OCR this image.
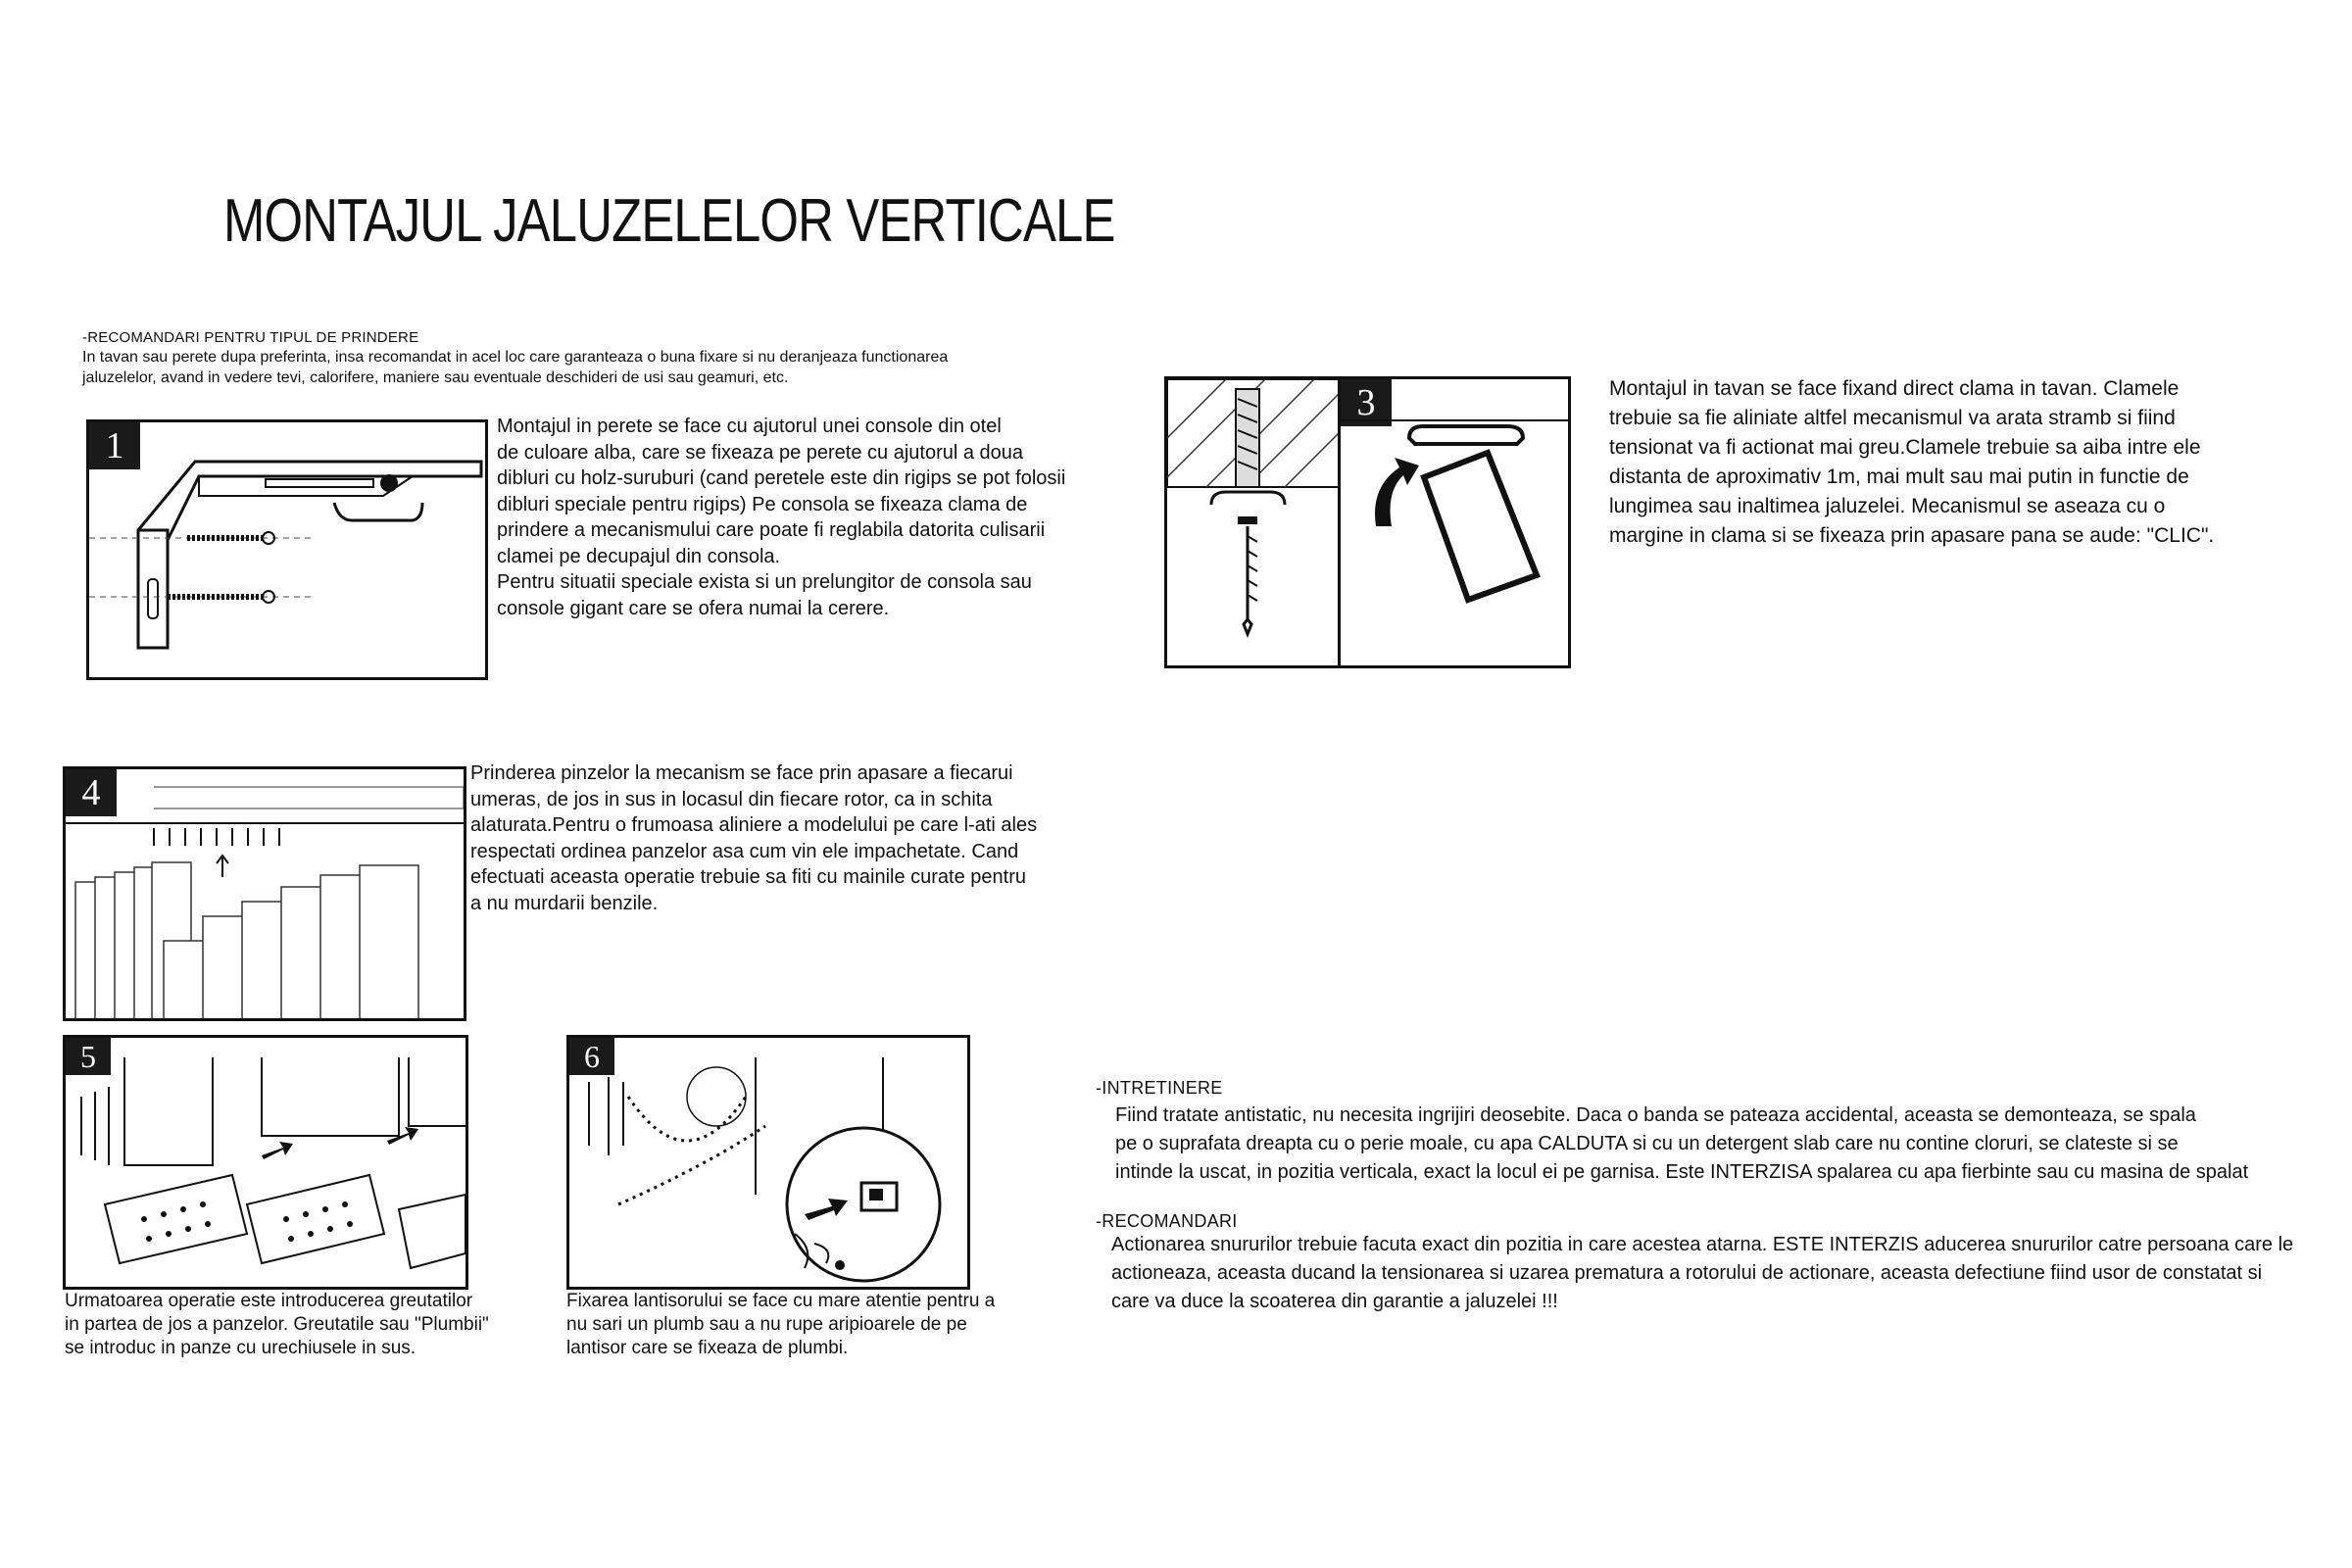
MONTAJUL JALUZELELOR VERTICALE
-RECOMANDARI PENTRU TIPUL DE PRINDERE
In tavan sau perete dupa preferinta, insa recomandat in acel loc care garanteaza o buna fixare si nu deranjeaza functionarea
jaluzelelor, avand in vedere tevi, calorifere, maniere sau eventuale deschideri de usi sau geamuri, etc.
1	Montajul in perete se face cu ajutorul unei console din otel
de culoare alba, care se fixeaza pe perete cu ajutorul a doua
dibluri cu holz-suruburi (cand peretele este din rigips se pot folosii
dibluri speciale pentru rigips) Pe consola se fixeaza clama de
prindere a mecanismului care poate fi reglabila datorita culisarii
clamei pe decupajul din consola.
Pentru situatii speciale exista si un prelungitor de consola sau
console gigant care se ofera numai la cerere.
3	Montajul in tavan se face fixand direct clama in tavan. Clamele
trebuie sa fie aliniate altfel mecanismul va arata stramb si fiind
tensionat va fi actionat mai greu.Clamele trebuie sa aiba intre ele
distanta de aproximativ 1m, mai mult sau mai putin in functie de
lungimea sau inaltimea jaluzelei. Mecanismul se aseaza cu o
margine in clama si se fixeaza prin apasare pana se aude: "CLIC".
4	Prinderea pinzelor la mecanism se face prin apasare a fiecarui
umeras, de jos in sus in locasul din fiecare rotor, ca in schita
alaturata.Pentru o frumoasa aliniere a modelului pe care l-ati ales
respectati ordinea panzelor asa cum vin ele impachetate. Cand
efectuati aceasta operatie trebuie sa fiti cu mainile curate pentru
a nu murdarii benzile.
5
Urmatoarea operatie este introducerea greutatilor
in partea de jos a panzelor. Greutatile sau "Plumbii"
se introduc in panze cu urechiusele in sus.
6
Fixarea lantisorului se face cu mare atentie pentru a
nu sari un plumb sau a nu rupe aripioarele de pe
lantisor care se fixeaza de plumbi.
-INTRETINERE
Fiind tratate antistatic, nu necesita ingrijiri deosebite. Daca o banda se pateaza accidental, aceasta se demonteaza, se spala
pe o suprafata dreapta cu o perie moale, cu apa CALDUTA si cu un detergent slab care nu contine cloruri, se clateste si se
intinde la uscat, in pozitia verticala, exact la locul ei pe garnisa. Este INTERZISA spalarea cu apa fierbinte sau cu masina de spalat
-RECOMANDARI
Actionarea snururilor trebuie facuta exact din pozitia in care acestea atarna. ESTE INTERZIS aducerea snururilor catre persoana care le
actioneaza, aceasta ducand la tensionarea si uzarea prematura a rotorului de actionare, aceasta defectiune fiind usor de constatat si
care va duce la scoaterea din garantie a jaluzelei !!!
